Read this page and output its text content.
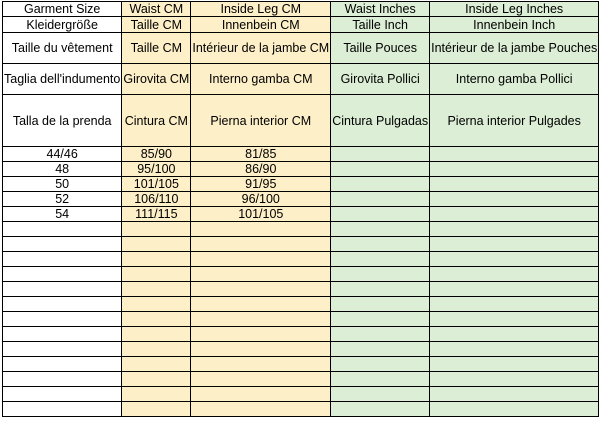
Garment Size	Waist CM	Inside Leg CM	Waist Inches	Inside Leg Inches
Kleidergröße	Taille CM	Innenbein CM	Taille Inch	Innenbein Inch
Taille du vêtement	Taille CM	Intérieur de la jambe CM	Taille Pouces	Intérieur de la jambe Pouches
Taglia dell'indumento	Girovita CM	Interno gamba CM	Girovita Pollici	Interno gamba Pollici
Talla de la prenda	Cintura CM	Pierna interior CM	Cintura Pulgadas	Pierna interior Pulgades
44/46	85/90	81/85		
48	95/100	86/90		
50	101/105	91/95		
52	106/110	96/100		
54	111/115	101/105		
